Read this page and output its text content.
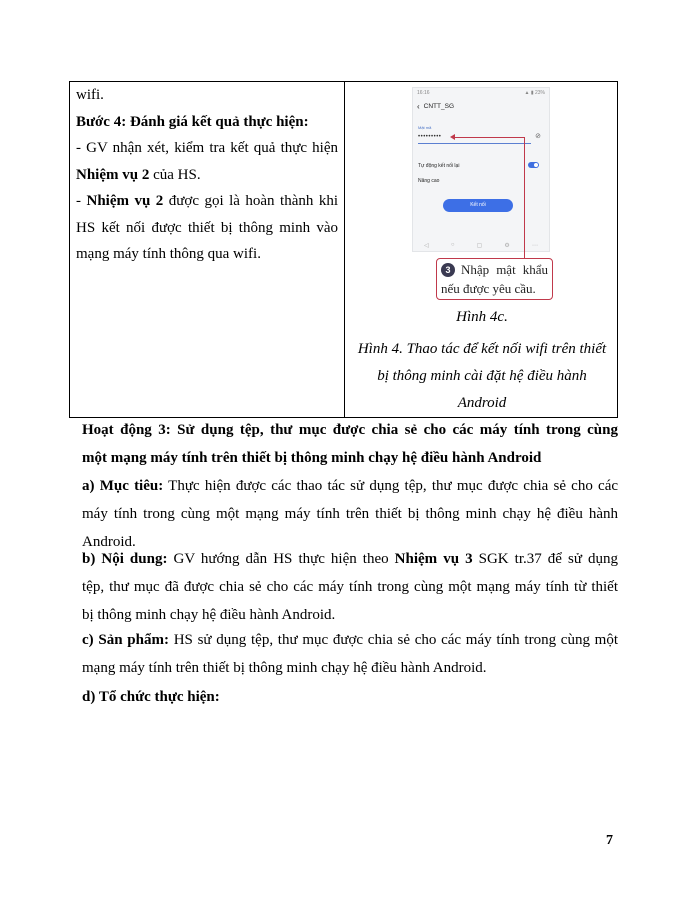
wifi.

Bước 4: Đánh giá kết quả thực hiện:

- GV nhận xét, kiểm tra kết quả thực hiện

Nhiệm vụ 2 của HS.

- Nhiệm vụ 2 được gọi là hoàn thành khi

HS kết nối được thiết bị thông minh vào

mạng máy tính thông qua wifi.

16:16	▲ ▮ 23%
‹ CNTT_SG
Mật mã
•••••••••	⊘
Tự động kết nối lại
Nâng cao
Kết nối
◁	○	▢	⚙	⋯
3 Nhập mật khẩu
nếu được yêu cầu.
Hình 4c.
Hình 4. Thao tác để kết nối wifi trên thiết
bị thông minh cài đặt hệ điều hành
Android

Hoạt động 3: Sử dụng tệp, thư mục được chia sẻ cho các máy tính trong cùng

một mạng máy tính trên thiết bị thông minh chạy hệ điều hành Android

a) Mục tiêu: Thực hiện được các thao tác sử dụng tệp, thư mục được chia sẻ cho các

máy tính trong cùng một mạng máy tính trên thiết bị thông minh chạy hệ điều hành

Android.

b) Nội dung: GV hướng dẫn HS thực hiện theo Nhiệm vụ 3 SGK tr.37 để sử dụng

tệp, thư mục đã được chia sẻ cho các máy tính trong cùng một mạng máy tính từ thiết

bị thông minh chạy hệ điều hành Android.

c) Sản phẩm: HS sử dụng tệp, thư mục được chia sẻ cho các máy tính trong cùng một

mạng máy tính trên thiết bị thông minh chạy hệ điều hành Android.

d) Tổ chức thực hiện:

7
